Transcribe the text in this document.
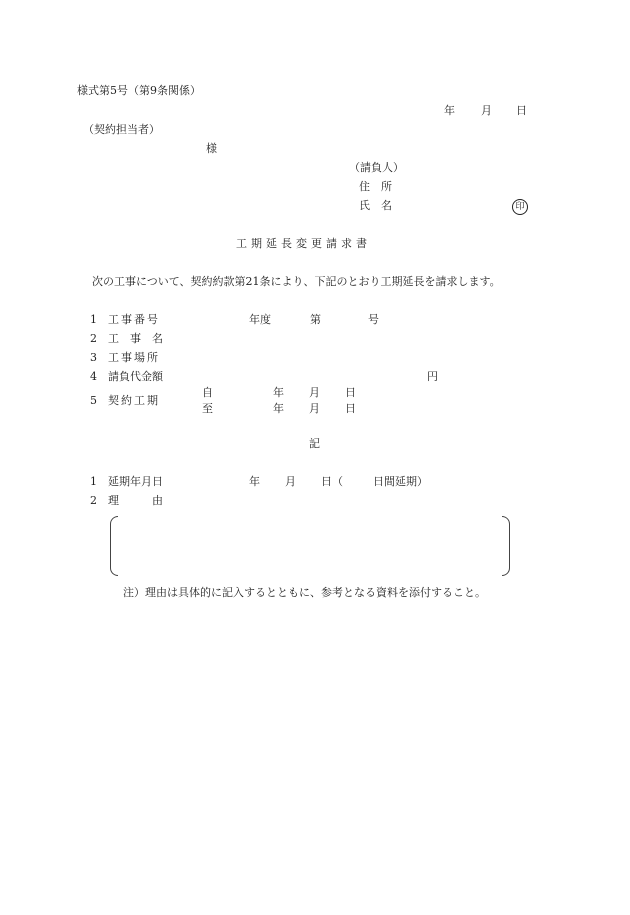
様式第5号（第9条関係）
年 月 日
（契約担当者）
様
（請負人）
住　所
氏　名	印
工期延長変更請求書
次の工事について、契約約款第21条により、下記のとおり工期延長を請求します。
1 工事番号	年度	第	号
2 工　事　名
3 工事場所
4 請負代金額	円
5 契約工期
自	年 月 日
至	年 月 日
記
1 延期年月日	年 月 日（	日間延期）
2 理　　　由
注）理由は具体的に記入するとともに、参考となる資料を添付すること。
